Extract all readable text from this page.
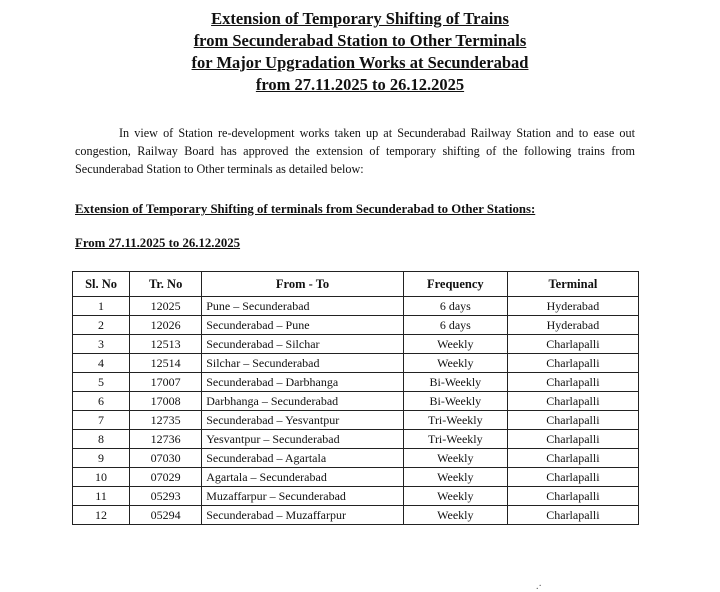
Extension of Temporary Shifting of Trains
from Secunderabad Station to Other Terminals
for Major Upgradation Works at Secunderabad
from 27.11.2025 to 26.12.2025
In view of Station re-development works taken up at Secunderabad Railway Station and to ease out congestion, Railway Board has approved the extension of temporary shifting of the following trains from Secunderabad Station to Other terminals as detailed below:
Extension of Temporary Shifting of terminals from Secunderabad to Other Stations:
From 27.11.2025 to 26.12.2025
Sl. No	Tr. No	From - To	Frequency	Terminal
1	12025	Pune – Secunderabad	6 days	Hyderabad
2	12026	Secunderabad – Pune	6 days	Hyderabad
3	12513	Secunderabad – Silchar	Weekly	Charlapalli
4	12514	Silchar – Secunderabad	Weekly	Charlapalli
5	17007	Secunderabad – Darbhanga	Bi-Weekly	Charlapalli
6	17008	Darbhanga – Secunderabad	Bi-Weekly	Charlapalli
7	12735	Secunderabad – Yesvantpur	Tri-Weekly	Charlapalli
8	12736	Yesvantpur – Secunderabad	Tri-Weekly	Charlapalli
9	07030	Secunderabad – Agartala	Weekly	Charlapalli
10	07029	Agartala – Secunderabad	Weekly	Charlapalli
11	05293	Muzaffarpur – Secunderabad	Weekly	Charlapalli
12	05294	Secunderabad – Muzaffarpur	Weekly	Charlapalli
.·
